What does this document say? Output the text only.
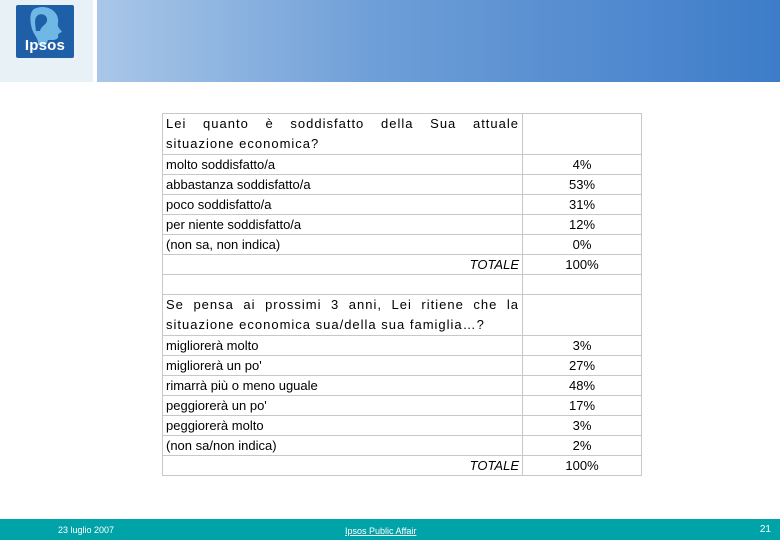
Ipsos
Lei quanto è soddisfatto della Sua attuale situazione economica?	
molto soddisfatto/a	4%
abbastanza soddisfatto/a	53%
poco soddisfatto/a	31%
per niente soddisfatto/a	12%
(non sa, non indica)	0%
TOTALE	100%

Se pensa ai prossimi 3 anni, Lei ritiene che la situazione economica sua/della sua famiglia…?	
migliorerà molto	3%
migliorerà un po'	27%
rimarrà più o meno uguale	48%
peggiorerà un po'	17%
peggiorerà molto	3%
(non sa/non indica)	2%
TOTALE	100%
23 luglio 2007	Ipsos Public Affair	21
